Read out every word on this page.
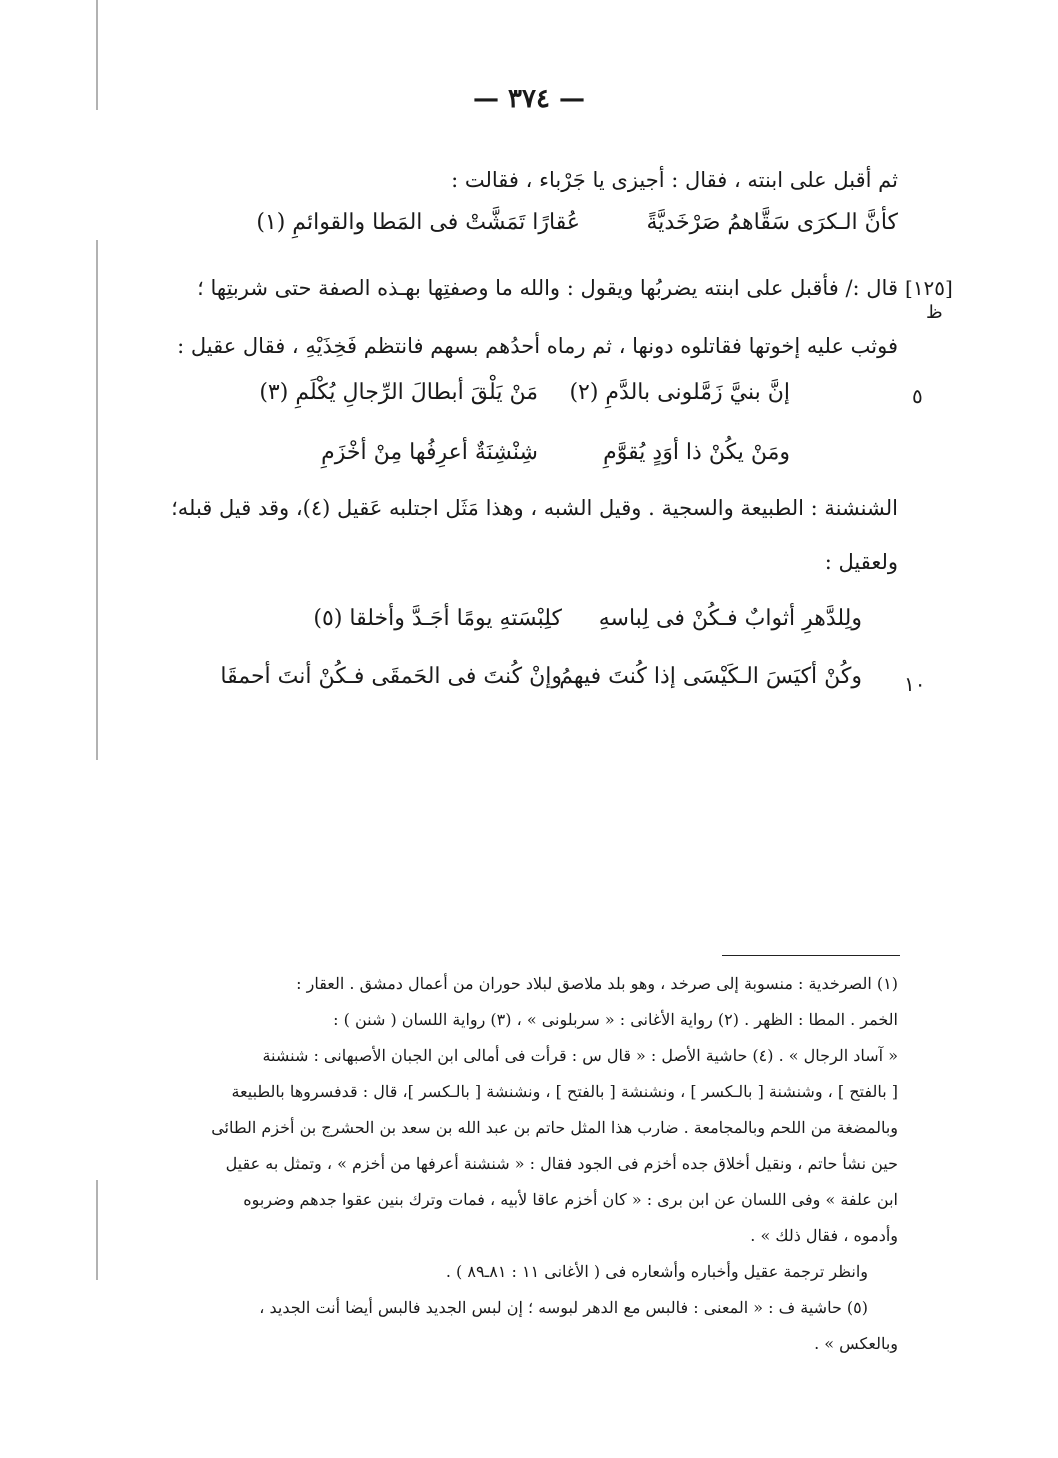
— ٣٧٤ —
ثم أقبل على ابنته ، فقال : أجيزى يا جَرْباء ، فقالت :
كأنَّ الـكرَى سَقَّاهمُ صَرْخَديَّةً
عُقارًا تَمَشَّتْ فى المَطا والقوائمِ (١)
[١٢٥]
ظ
قال :/ فأقبل على ابنته يضربُها ويقول : والله ما وصفتِها بهـذه الصفة حتى شربتِها ؛
فوثب عليه إخوتها فقاتلوه دونها ، ثم رماه أحدُهم بسهم فانتظم فَخِذَيْهِ ، فقال عقيل :
٥
إنَّ بنيَّ زَمَّلونى بالدَّمِ (٢)
مَنْ يَلْقَ أبطالَ الرِّجالِ يُكْلَمِ (٣)
ومَنْ يكُنْ ذا أوَدٍ يُقوَّمِ
شِنْشِنَةٌ أعرِفُها مِنْ أخْزَمِ
الشنشنة : الطبيعة والسجية . وقيل الشبه ، وهذا مَثَل اجتلبه عَقيل (٤)، وقد قيل قبله؛
ولعقيل :
ولِلدَّهرِ أثوابٌ فـكُنْ فى لِباسهِ
كلِبْسَتهِ يومًا أجَـدَّ وأخلقا (٥)
١٠
وكُنْ أكيَسَ الـكَيْسَى إذا كُنتَ فيهمُ
وإنْ كُنتَ فى الحَمقَى فـكُنْ أنتَ أحمقَا
(١) الصرخدية : منسوبة إلى صرخد ، وهو بلد ملاصق لبلاد حوران من أعمال دمشق . العقار :
الخمر . المطا : الظهر . (٢) رواية الأغانى : « سربلونى » ، (٣) رواية اللسان ( شنن ) :
« آساد الرجال » . (٤) حاشية الأصل : « قال س : قرأت فى أمالى ابن الجبان الأصبهانى : شنشنة
[ بالفتح ] ، وشنشنة [ بالـكسر ] ، ونشنشة [ بالفتح ] ، ونشنشة [ بالـكسر ]، قال : قدفسروها بالطبيعة
وبالمضغة من اللحم وبالمجامعة . ضارب هذا المثل حاتم بن عبد الله بن سعد بن الحشرج بن أخزم الطائى
حين نشأ حاتم ، ونقيل أخلاق جده أخزم فى الجود فقال : « شنشنة أعرفها من أخزم » ، وتمثل به عقيل
ابن علفة » وفى اللسان عن ابن برى : « كان أخزم عاقا لأبيه ، فمات وترك بنين عقوا جدهم وضربوه
وأدموه ، فقال ذلك » .
وانظر ترجمة عقيل وأخباره وأشعاره فى ( الأغانى ١١ : ٨١ـ٨٩ ) .
(٥) حاشية ف : « المعنى : فالبس مع الدهر لبوسه ؛ إن لبس الجديد فالبس أيضا أنت الجديد ،
وبالعكس » .
